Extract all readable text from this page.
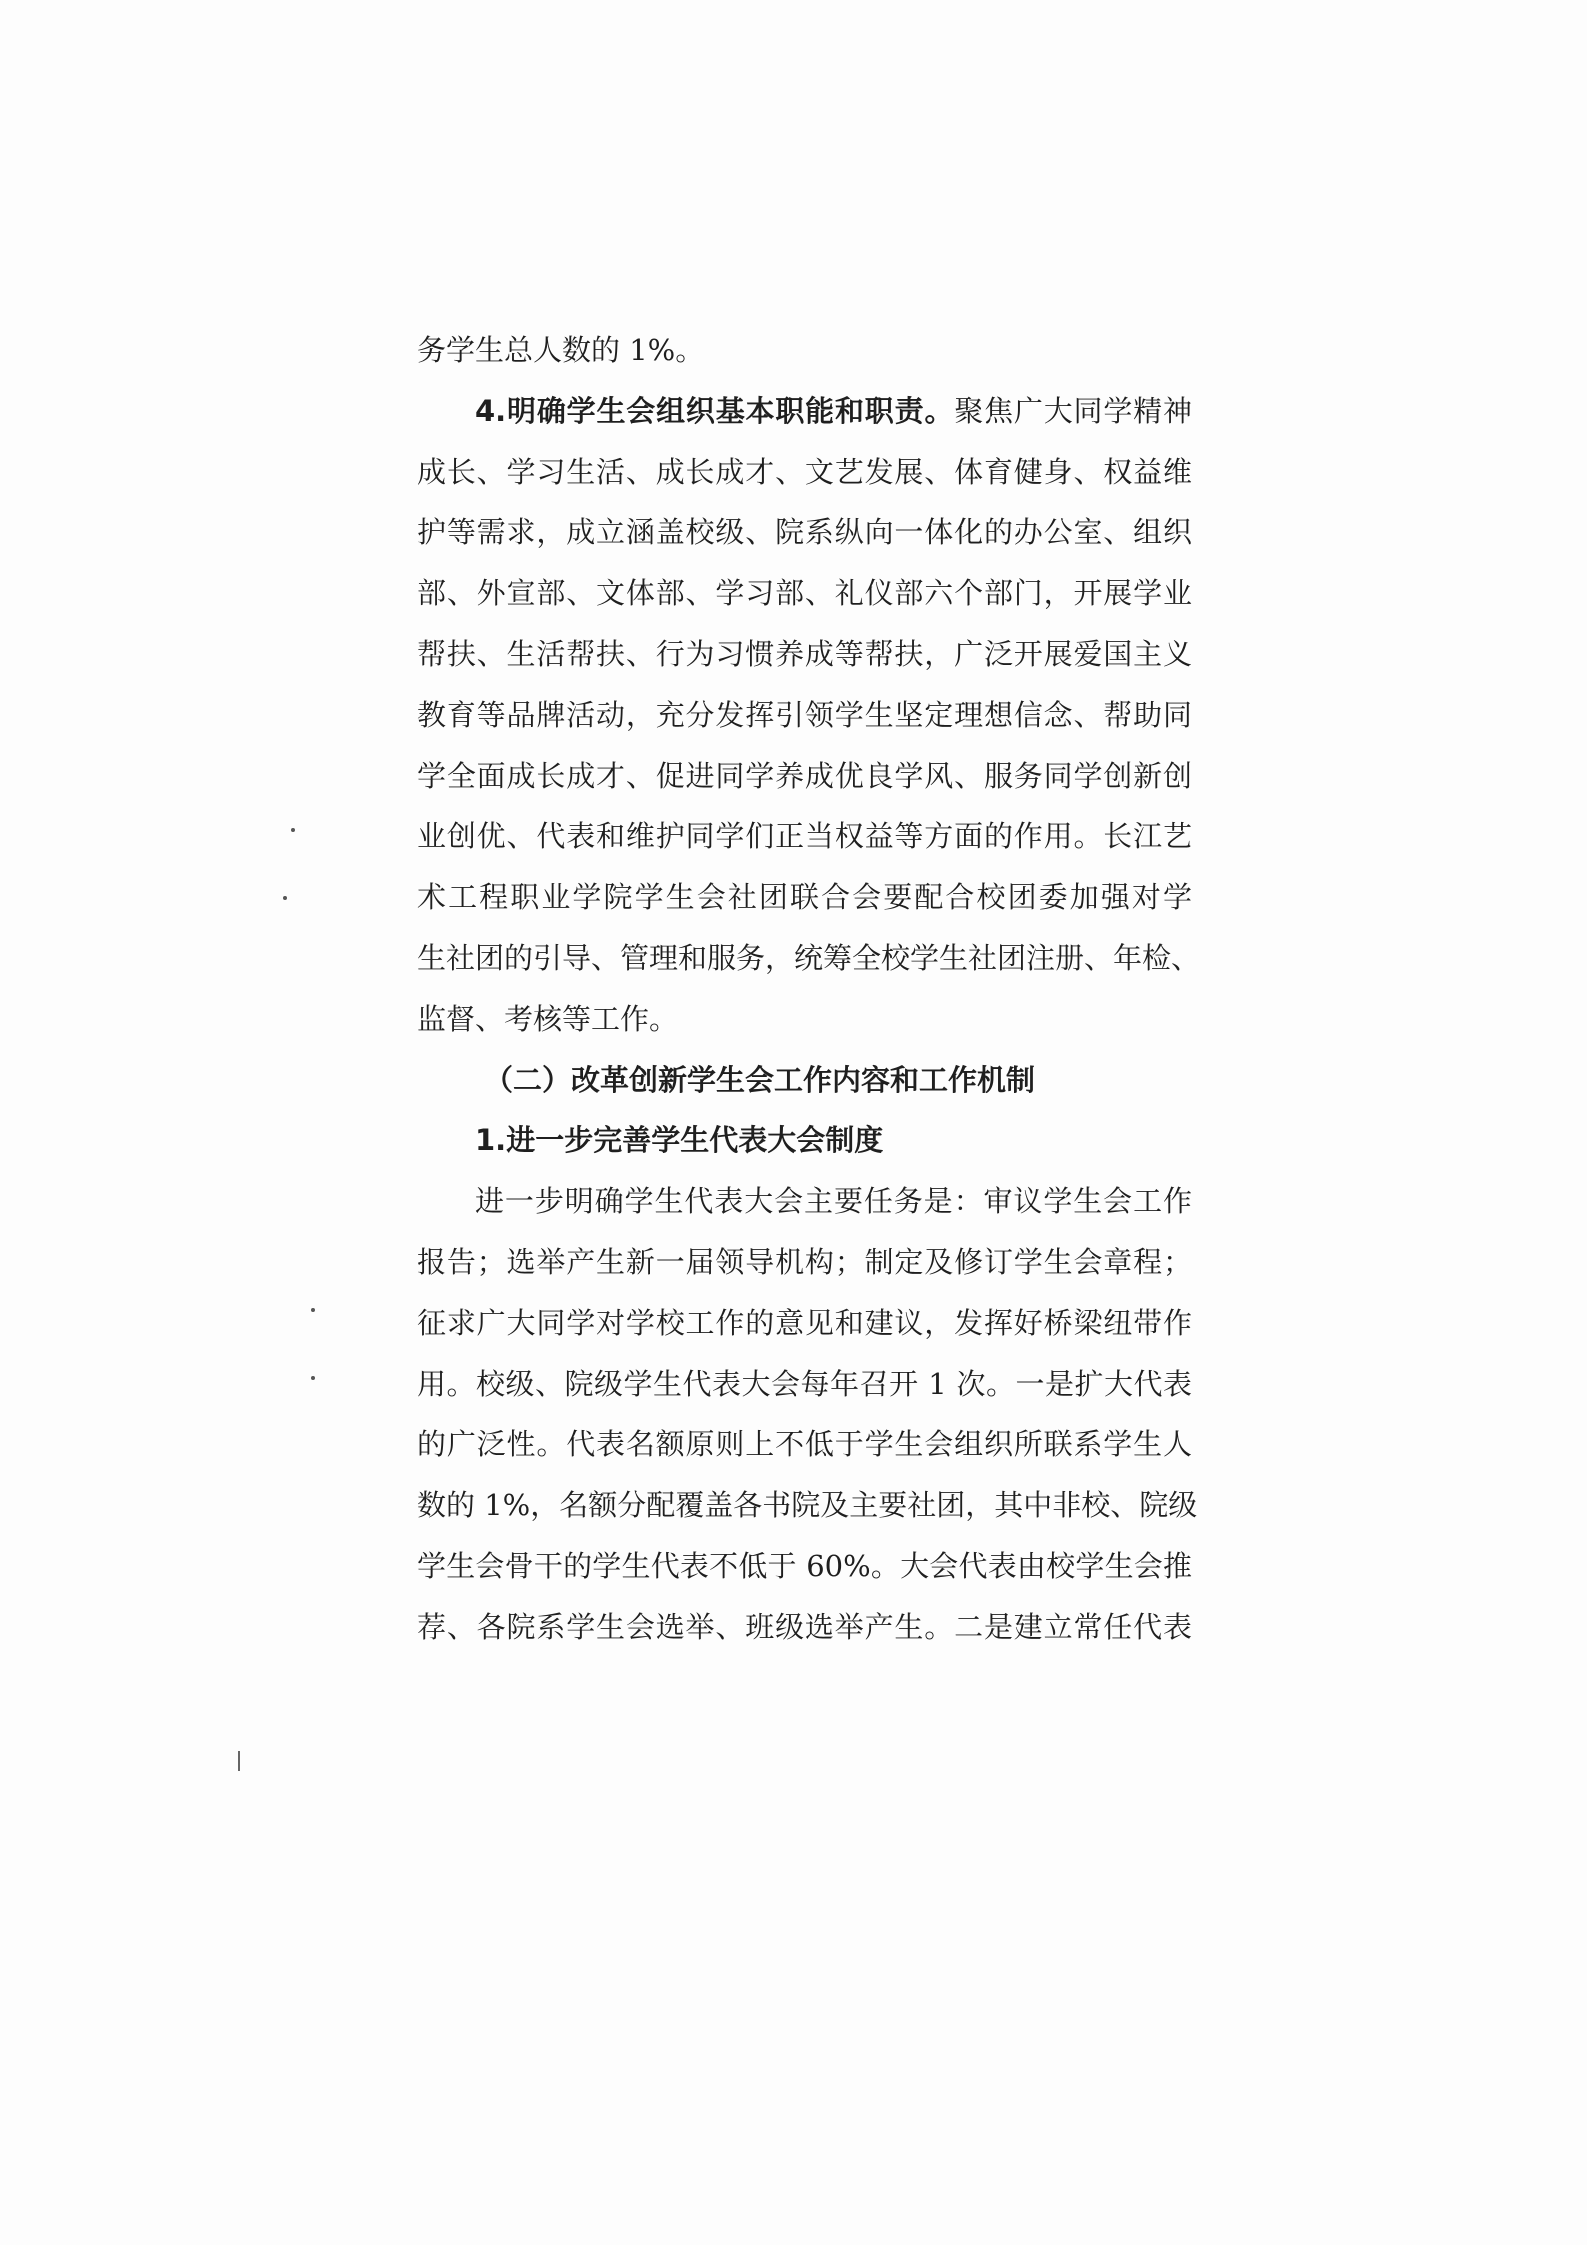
务学生总人数的 1%。
4.明确学生会组织基本职能和职责。聚焦广大同学精神
成长、学习生活、成长成才、文艺发展、体育健身、权益维
护等需求，成立涵盖校级、院系纵向一体化的办公室、组织
部、外宣部、文体部、学习部、礼仪部六个部门，开展学业
帮扶、生活帮扶、行为习惯养成等帮扶，广泛开展爱国主义
教育等品牌活动，充分发挥引领学生坚定理想信念、帮助同
学全面成长成才、促进同学养成优良学风、服务同学创新创
业创优、代表和维护同学们正当权益等方面的作用。长江艺
术工程职业学院学生会社团联合会要配合校团委加强对学
生社团的引导、管理和服务，统筹全校学生社团注册、年检、
监督、考核等工作。
（二）改革创新学生会工作内容和工作机制
1.进一步完善学生代表大会制度
进一步明确学生代表大会主要任务是：审议学生会工作
报告；选举产生新一届领导机构；制定及修订学生会章程；
征求广大同学对学校工作的意见和建议，发挥好桥梁纽带作
用。校级、院级学生代表大会每年召开 1 次。一是扩大代表
的广泛性。代表名额原则上不低于学生会组织所联系学生人
数的 1%，名额分配覆盖各书院及主要社团，其中非校、院级
学生会骨干的学生代表不低于 60%。大会代表由校学生会推
荐、各院系学生会选举、班级选举产生。二是建立常任代表
